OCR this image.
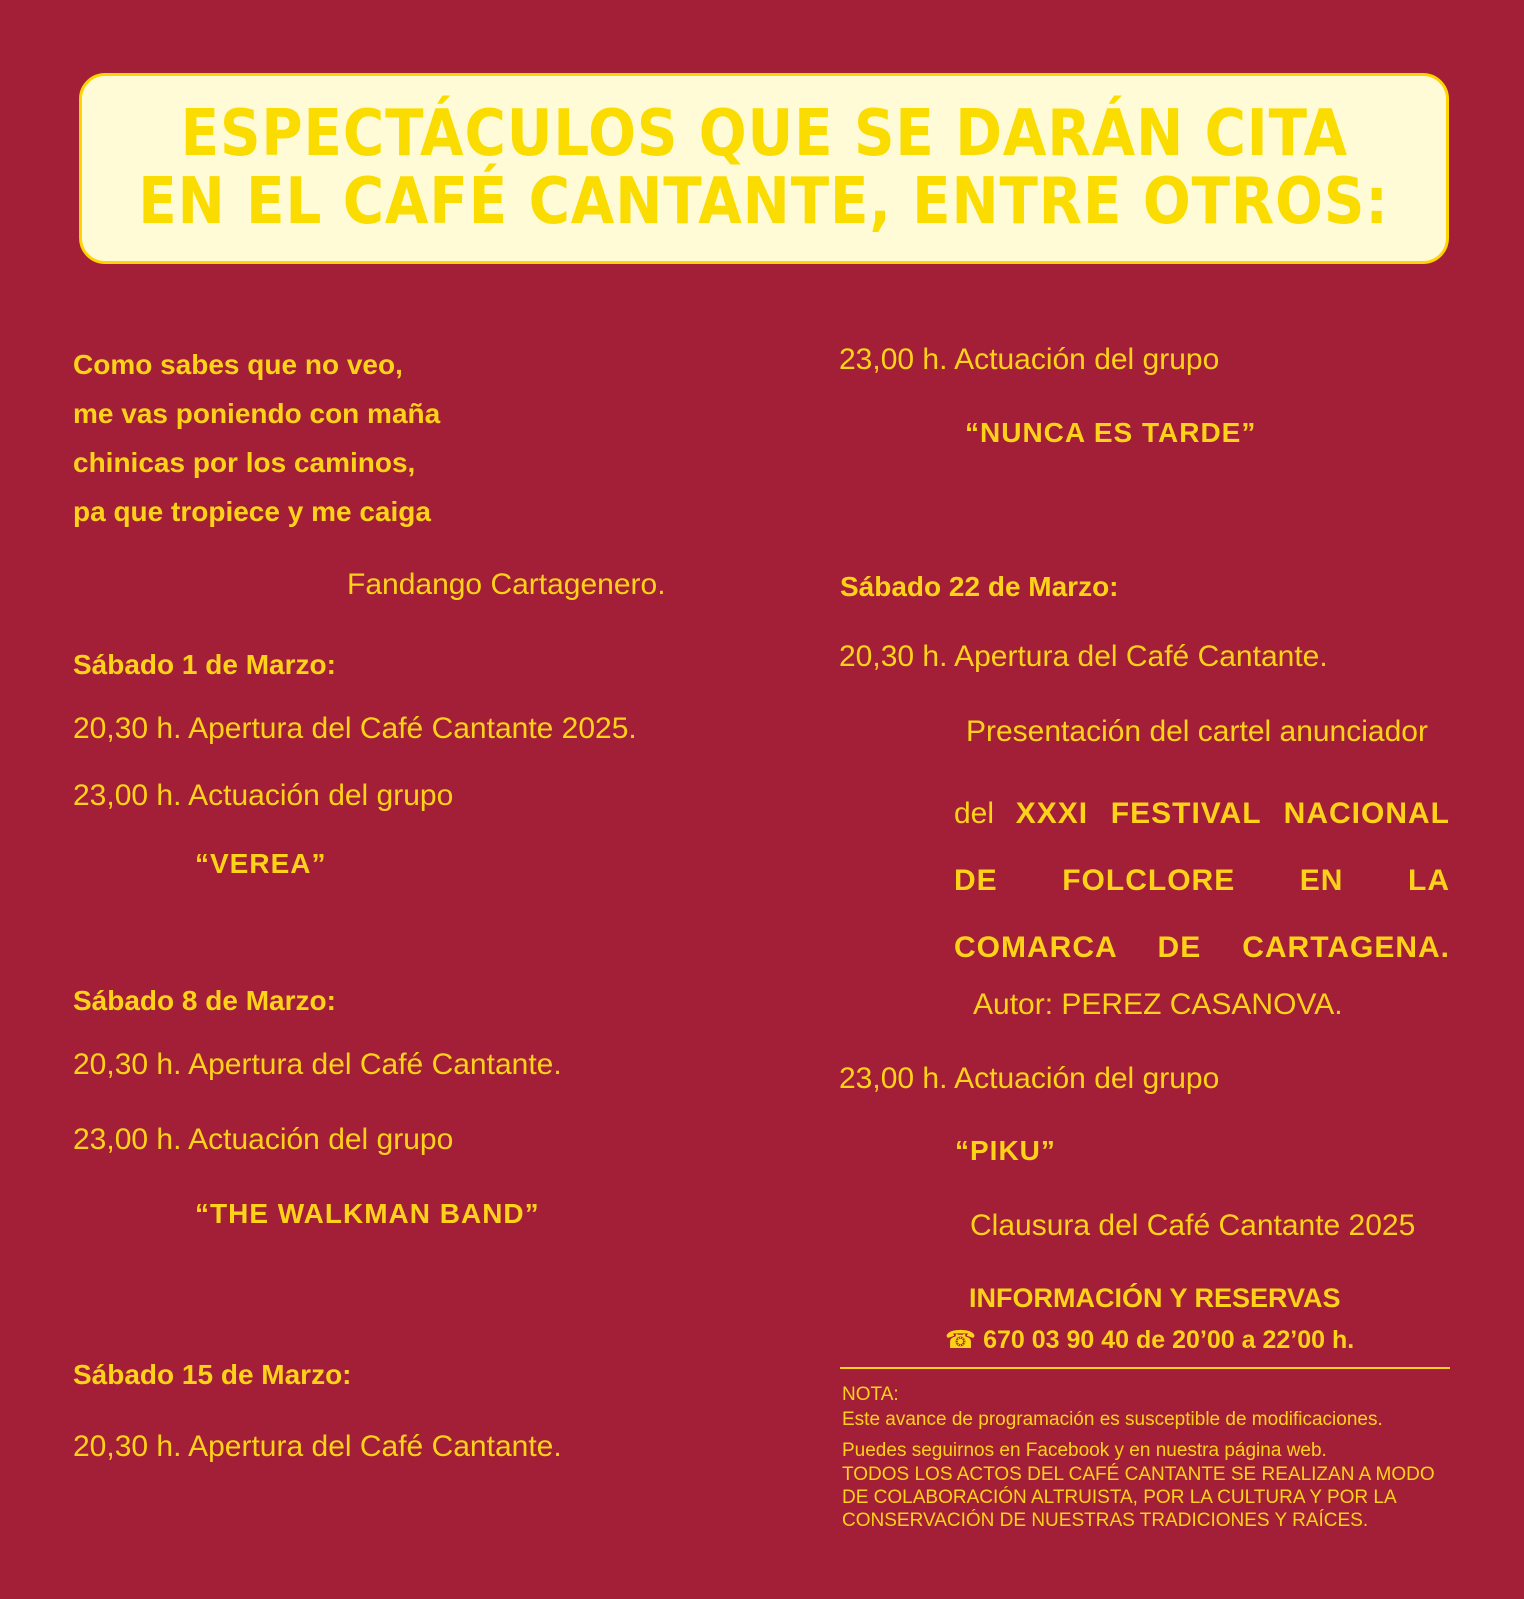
ESPECTÁCULOS QUE SE DARÁN CITA
EN EL CAFÉ CANTANTE, ENTRE OTROS:

Como sabes que no veo,

me vas poniendo con maña

chinicas por los caminos,

pa que tropiece y me caiga

Fandango Cartagenero.
Sábado 1 de Marzo:
20,30 h. Apertura del Café Cantante 2025.
23,00 h. Actuación del grupo
“VEREA”
Sábado 8 de Marzo:
20,30 h. Apertura del Café Cantante.
23,00 h. Actuación del grupo
“THE WALKMAN BAND”
Sábado 15 de Marzo:
20,30 h. Apertura del Café Cantante.
23,00 h. Actuación del grupo
“NUNCA ES TARDE”
Sábado 22 de Marzo:
20,30 h. Apertura del Café Cantante.
Presentación del cartel anunciador
del XXXI FESTIVAL NACIONAL DE FOLCLORE EN LA COMARCA DE CARTAGENA.
Autor: PEREZ CASANOVA.
23,00 h. Actuación del grupo
“PIKU”
Clausura del Café Cantante 2025
INFORMACIÓN Y RESERVAS
☎ 670 03 90 40 de 20’00 a 22’00 h.

NOTA:

Este avance de programación es susceptible de modificaciones.

Puedes seguirnos en Facebook y en nuestra página web.

TODOS LOS ACTOS DEL CAFÉ CANTANTE SE REALIZAN A MODO DE COLABORACIÓN ALTRUISTA, POR LA CULTURA Y POR LA CONSERVACIÓN DE NUESTRAS TRADICIONES Y RAÍCES.
